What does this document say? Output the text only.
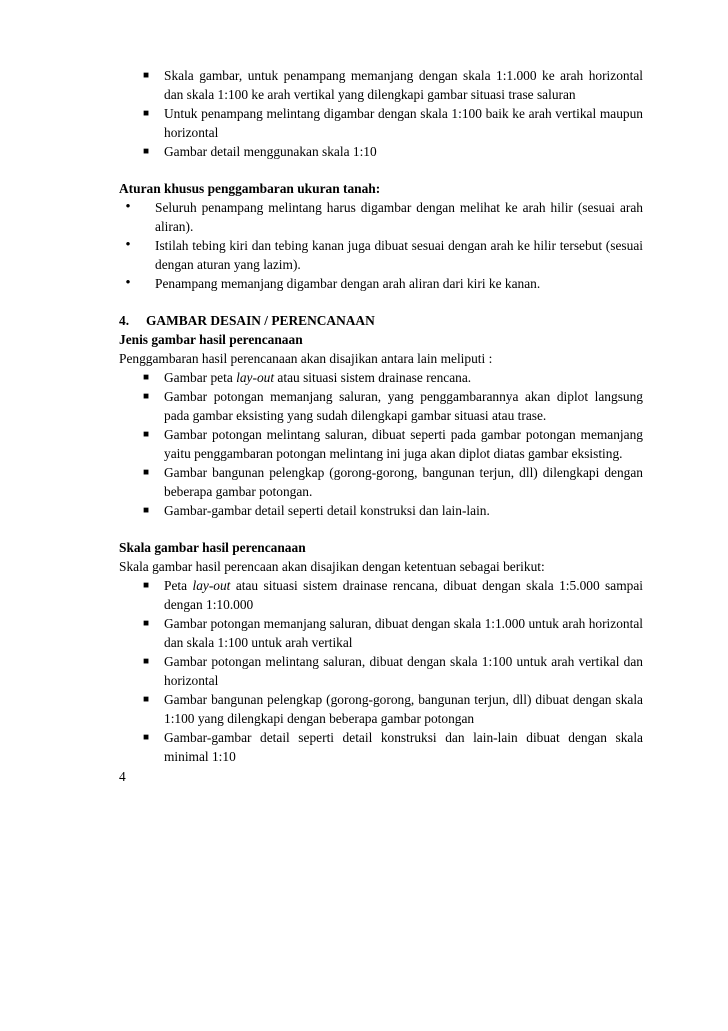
■ Skala gambar, untuk penampang memanjang dengan skala 1:1.000 ke arah horizontal dan skala 1:100 ke arah vertikal yang dilengkapi gambar situasi trase saluran
■ Untuk penampang melintang digambar dengan skala 1:100 baik ke arah vertikal maupun horizontal
■ Gambar detail menggunakan skala 1:10

Aturan khusus penggambaran ukuran tanah:

• Seluruh penampang melintang harus digambar dengan melihat ke arah hilir (sesuai arah aliran).
• Istilah tebing kiri dan tebing kanan juga dibuat sesuai dengan arah ke hilir tersebut (sesuai dengan aturan yang lazim).
• Penampang memanjang digambar dengan arah aliran dari kiri ke kanan.

4. GAMBAR DESAIN / PERENCANAAN

Jenis gambar hasil perencanaan

Penggambaran hasil perencanaan akan disajikan antara lain meliputi :

■ Gambar peta lay-out atau situasi sistem drainase rencana.
■ Gambar potongan memanjang saluran, yang penggambarannya akan diplot langsung pada gambar eksisting yang sudah dilengkapi gambar situasi atau trase.
■ Gambar potongan melintang saluran, dibuat seperti pada gambar potongan memanjang yaitu penggambaran potongan melintang ini juga akan diplot diatas gambar eksisting.
■ Gambar bangunan pelengkap (gorong-gorong, bangunan terjun, dll) dilengkapi dengan beberapa gambar potongan.
■ Gambar-gambar detail seperti detail konstruksi dan lain-lain.

Skala gambar hasil perencanaan

Skala gambar hasil perencaan akan disajikan dengan ketentuan sebagai berikut:

■ Peta lay-out atau situasi sistem drainase rencana, dibuat dengan skala 1:5.000 sampai dengan 1:10.000
■ Gambar potongan memanjang saluran, dibuat dengan skala 1:1.000 untuk arah horizontal dan skala 1:100 untuk arah vertikal
■ Gambar potongan melintang saluran, dibuat dengan skala 1:100 untuk arah vertikal dan horizontal
■ Gambar bangunan pelengkap (gorong-gorong, bangunan terjun, dll) dibuat dengan skala 1:100 yang dilengkapi dengan beberapa gambar potongan
■ Gambar-gambar detail seperti detail konstruksi dan lain-lain dibuat dengan skala minimal 1:10
4
